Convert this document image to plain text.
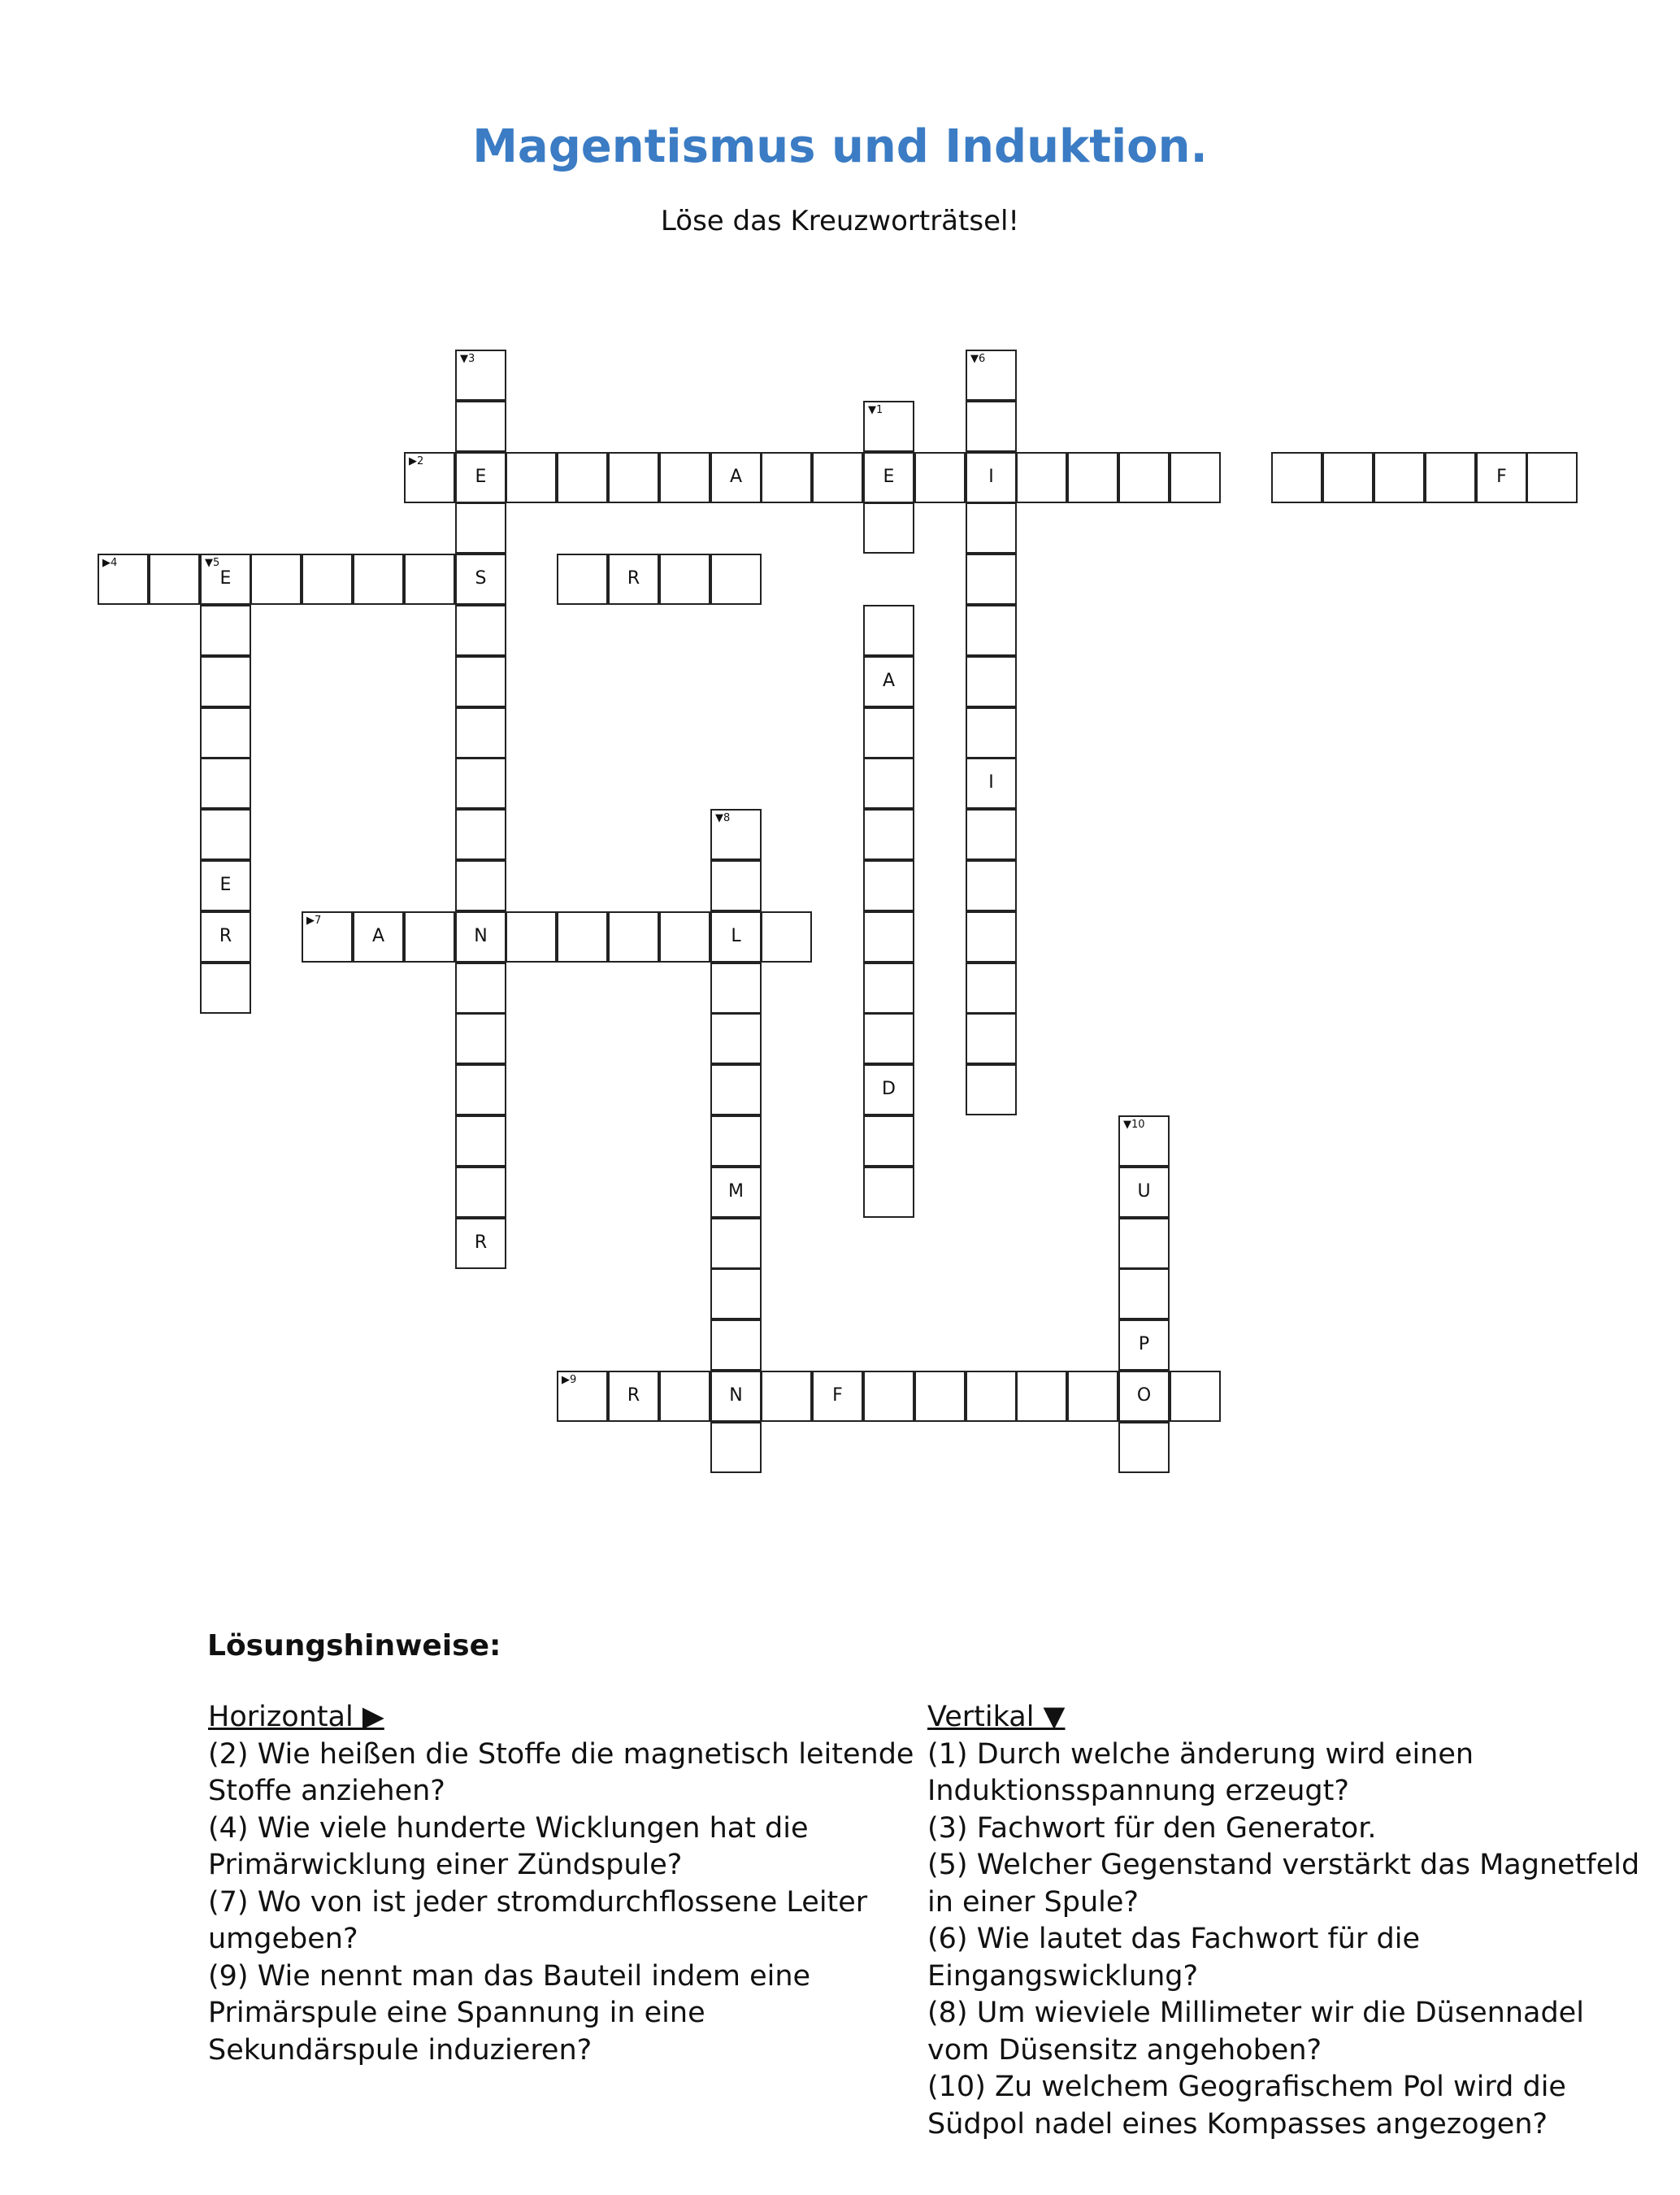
Magentismus und Induktion.
Löse das Kreuzworträtsel!
▼3	▼6
▼1
▶2
E	A	E	I	F
▶4	▼5
E	S	R
A
I
▼8
E
R
▶7
A	N	L
D
▼10
M	U
R
P
▶9
R	N	F	O
Lösungshinweise:
Horizontal ▶

(2) Wie heißen die Stoffe die magnetisch leitende Stoffe anziehen?

(4) Wie viele hunderte Wicklungen hat die Primärwicklung einer Zündspule?

(7) Wo von ist jeder stromdurchflossene Leiter umgeben?

(9) Wie nennt man das Bauteil indem eine Primärspule eine Spannung in eine Sekundärspule induzieren?

Vertikal ▼

(1) Durch welche änderung wird einen Induktionsspannung erzeugt?

(3) Fachwort für den Generator.

(5) Welcher Gegenstand verstärkt das Magnetfeld in einer Spule?

(6) Wie lautet das Fachwort für die Eingangswicklung?

(8) Um wieviele Millimeter wir die Düsennadel vom Düsensitz angehoben?

(10) Zu welchem Geografischem Pol wird die Südpol nadel eines Kompasses angezogen?
